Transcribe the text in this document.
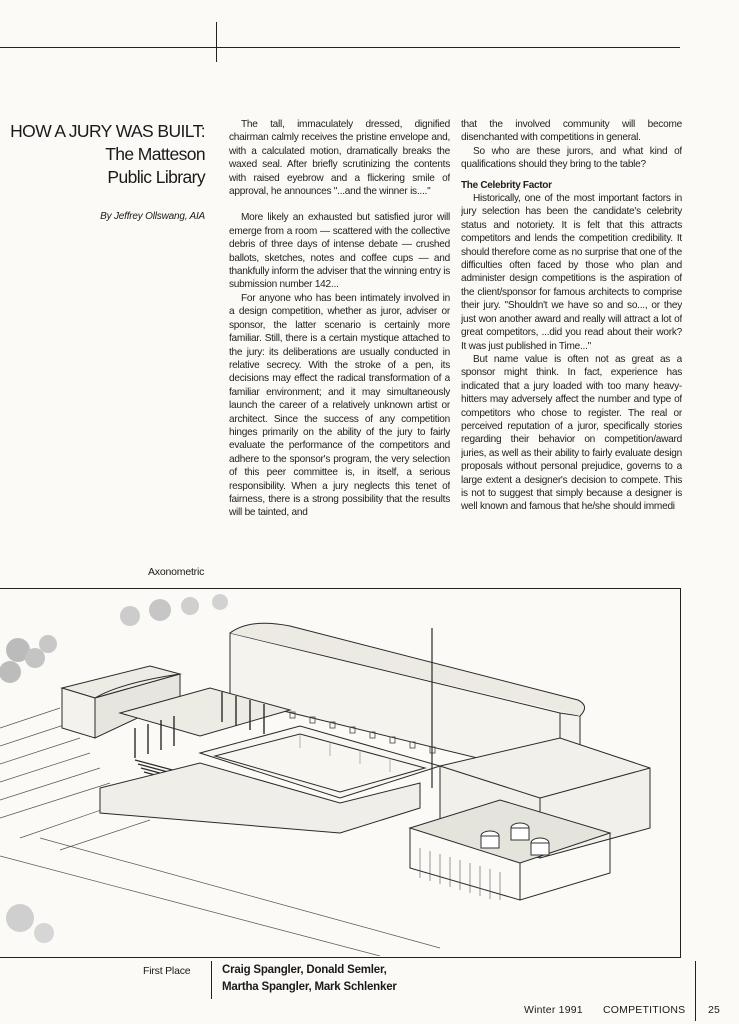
HOW A JURY WAS BUILT:
The Matteson
Public Library
By Jeffrey Ollswang, AIA

The tall, immaculately dressed, dignified chairman calmly receives the pristine envelope and, with a calculated motion, dramatically breaks the waxed seal. After briefly scrutinizing the contents with raised eyebrow and a flickering smile of approval, he announces "...and the winner is...."

More likely an exhausted but satisfied juror will emerge from a room — scattered with the collective debris of three days of intense debate — crushed ballots, sketches, notes and coffee cups — and thankfully inform the adviser that the winning entry is submission number 142...

For anyone who has been intimately involved in a design competition, whether as juror, adviser or sponsor, the latter scenario is certainly more familiar. Still, there is a certain mystique attached to the jury: its deliberations are usually conducted in relative secrecy. With the stroke of a pen, its decisions may effect the radical transformation of a familiar environment; and it may simultaneously launch the career of a relatively unknown artist or architect. Since the success of any competition hinges primarily on the ability of the jury to fairly evaluate the performance of the competitors and adhere to the sponsor's program, the very selection of this peer committee is, in itself, a serious responsibility. When a jury neglects this tenet of fairness, there is a strong possibility that the results will be tainted, and

that the involved community will become disenchanted with competitions in general.

So who are these jurors, and what kind of qualifications should they bring to the table?

The Celebrity Factor

Historically, one of the most important factors in jury selection has been the candidate's celebrity status and notoriety. It is felt that this attracts competitors and lends the competition credibility. It should therefore come as no surprise that one of the difficulties often faced by those who plan and administer design competitions is the aspiration of the client/sponsor for famous architects to comprise their jury. "Shouldn't we have so and so..., or they just won another award and really will attract a lot of great competitors, ...did you read about their work? It was just published in Time..."

But name value is often not as great as a sponsor might think. In fact, experience has indicated that a jury loaded with too many heavy-hitters may adversely affect the number and type of competitors who chose to register. The real or perceived reputation of a juror, specifically stories regarding their behavior on competition/award juries, as well as their ability to fairly evaluate design proposals without personal prejudice, governs to a large extent a designer's decision to compete. This is not to suggest that simply because a designer is well known and famous that he/she should immedi

Axonometric
First Place	Craig Spangler, Donald Semler,
Martha Spangler, Mark Schlenker
Winter 1991 COMPETITIONS 25
